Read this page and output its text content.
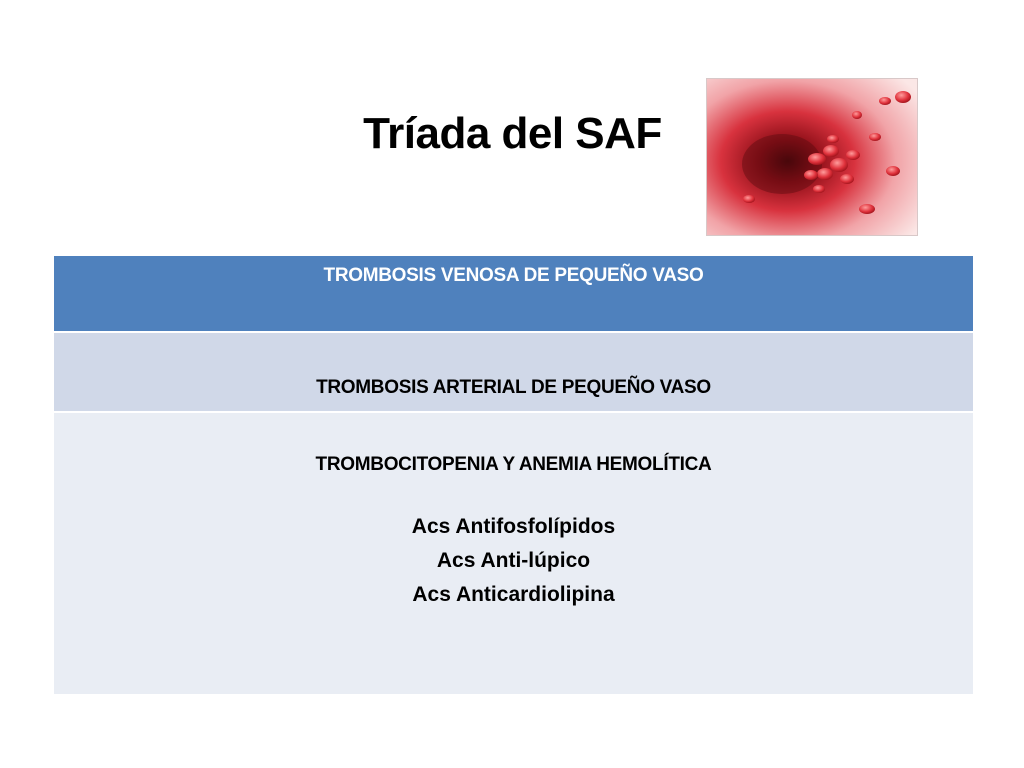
Tríada del SAF
TROMBOSIS VENOSA DE PEQUEÑO VASO
TROMBOSIS ARTERIAL DE PEQUEÑO VASO
TROMBOCITOPENIA Y ANEMIA HEMOLÍTICA
Acs Antifosfolípidos
Acs Anti-lúpico
Acs Anticardiolipina
